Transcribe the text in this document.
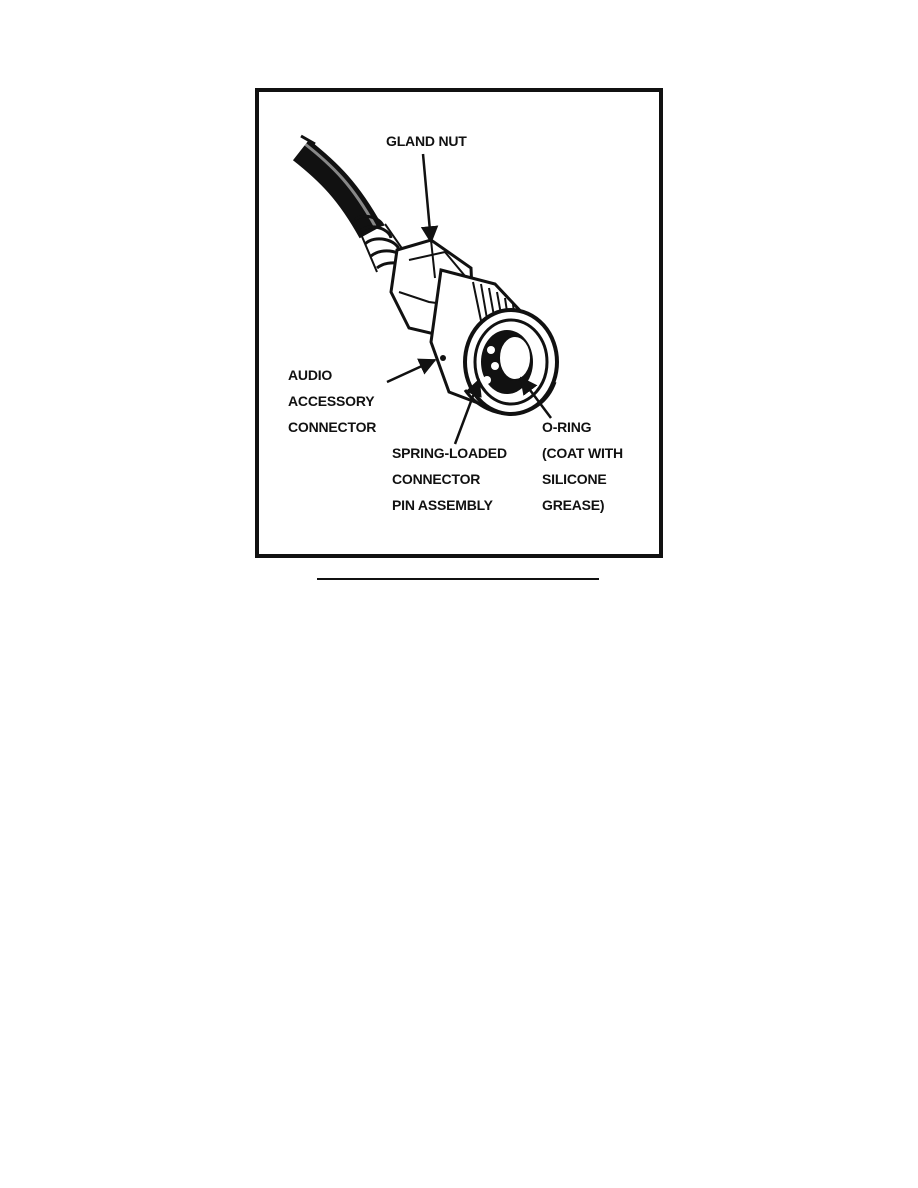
GLAND NUT
AUDIO
ACCESSORY
CONNECTOR
SPRING-LOADED
CONNECTOR
PIN ASSEMBLY
O-RING
(COAT WITH
SILICONE
GREASE)
